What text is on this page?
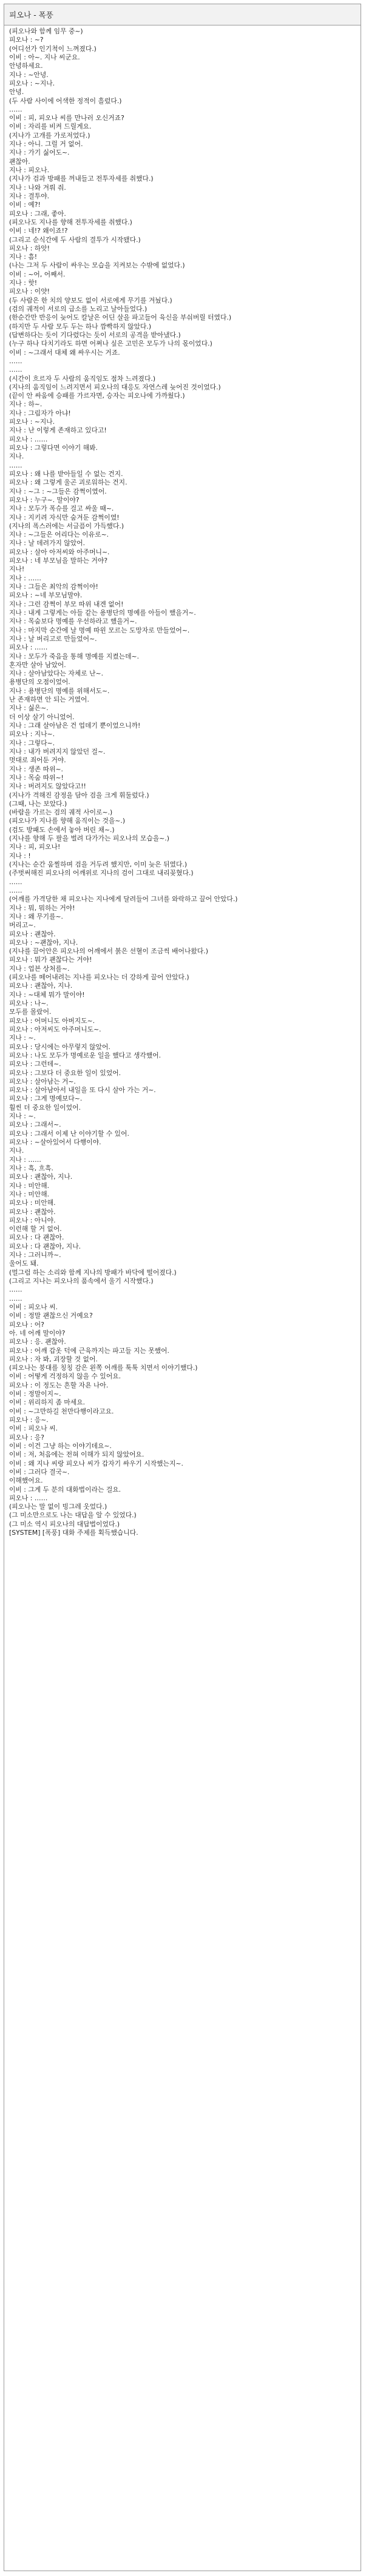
피오나 - 폭풍
(피오나와 함께 임무 중~)
피오나 : ~?
(어디선가 인기척이 느껴졌다.)
이비 : 아~. 지나 씨군요.
안녕하세요.
지나 : ~안녕.
피오나 : ~지나.
안녕.
(두 사람 사이에 어색한 정적이 흘렀다.)
……
이비 : 피, 피오나 씨를 만나러 오신거죠?
이비 : 자리를 비켜 드릴게요.
(지나가 고개를 가로저었다.)
지나 : 아니. 그럴 거 없어.
지나 : 가기 싫어도~.
괜찮아.
지나 : 피오나.
(지나가 검과 방패를 꺼내들고 전투자세를 취했다.)
지나 : 나와 겨뤄 줘.
지나 : 결투야.
이비 : 예?!
피오나 : 그래, 좋아.
(피오나도 지나를 향해 전투자세를 취했다.)
이비 : 네!? 왜이죠!?
(그리고 순식간에 두 사람의 결투가 시작됐다.)
피오나 : 하앗!
지나 : 흠!
(나는 그저 두 사람이 싸우는 모습을 지켜보는 수밖에 없었다.)
이비 : ~어, 어째서.
지나 : 핫!
피오나 : 이얏!
(두 사람은 한 치의 양보도 없이 서로에게 무기를 겨눴다.)
(검의 궤적이 서로의 급소를 노리고 날아들었다.)
(한순간만 반응이 늦어도 칼날은 어딘 살을 파고들어 육신을 부숴버릴 터였다.)
(하지만 두 사람 모두 두는 하나 깜빡하지 않았다.)
(답변하다는 듯이 기다렸다는 듯이 서로의 공격을 받아냈다.)
(누구 하나 다치기라도 하면 어쩌나 싶은 고민은 모두가 나의 몫이었다.)
이비 : ~그래서 대체 왜 싸우시는 거죠.
……
……
(시간이 흐르자 두 사람의 움직임도 점차 느려졌다.)
(지나의 움직임이 느려지면서 피오나의 대응도 자연스레 늦어진 것이었다.)
(끝이 안 싸움에 승패를 가르자면, 승자는 피오나에 가까웠다.)
지나 : 하~.
지나 : 그림자가 아냐!
피오나 : ~지나.
지나 : 난 이렇게 존재하고 있다고!
피오나 : ……
피오나 : 그렇다면 이야기 해봐.
지나.
……
피오나 : 왜 나를 받아들일 수 없는 건지.
피오나 : 왜 그렇게 울곤 괴로워하는 건지.
지나 : ~그 : ~그들은 감쩍이였어.
피오나 : 누구~. 말이야?
지나 : 모두가 폭슈를 걸고 싸울 때~.
지나 : 지키려 자식만 숨겨둔 감쩍이였!
(지나의 폭스러에는 서글픔이 가득했다.)
지나 : ~그들은 어리다는 이유로~.
지나 : 날 데려가지 않았어.
피오나 : 살아 아저씨와 아주머니~.
피오나 : 네 부모님을 말하는 거야?
지나!
지나 : ……
지나 : 그들은 최악의 감쩍이야!
피오나 : ~네 부모님말야.
지나 : 그런 감쩍이 부모 따위 내겐 없어!
지나 : 내게 그렇게는 아들 같는 용병단의 명예를 아들이 했을거~.
지나 : 목숨보다 명예를 우선하라고 했을거~.
지나 : 마지막 순간에 날 명예 따윈 모르는 도망자로 만들었어~.
지나 : 날 버리고로 만들었어~.
피오나 : ……
지나 : 모두가 죽음을 통해 명예를 지켰는데~.
혼자만 살아 남았어.
지나 : 살아남았다는 자체로 난~.
용병단의 오점이었어.
지나 : 용병단의 명예를 위해서도~.
난 존재하면 안 되는 거였어.
지나 : 싫은~.
더 이상 살기 아니었어.
지나 : 그래 살아남은 건 업데기 뿐이었으니까!
피오나 : 지나~.
지나 : 그렇다~.
지나 : 내가 버려지지 않았던 걸~.
멋대로 죄어둔 거야.
지나 : 생존 따위~.
지나 : 목숨 따위~!
지나 : 버려지도 않았다고!!
(지나가 격해진 감정을 담아 검을 크게 휘둘렀다.)
(그때, 나는 보았다.)
(바람을 가르는 검의 궤적 사이로~.)
(피오나가 지나를 향해 움직이는 것을~.)
(검도 방패도 손에서 놓아 버린 채~.)
(지나를 향해 두 팔을 벌려 다가가는 피오나의 모습을~.)
지나 : 피, 피오나!
지나 : !
(지나는 순간 움찔하며 검을 거두려 했지만, 이미 늦은 뒤였다.)
(주벗써해진 피오나의 어깨위로 지나의 검이 그대로 내리꽂혔다.)
……
……
(어깨를 가격당한 채 피오나는 지나에게 달려들어 그녀를 와락하고 끌어 안았다.)
지나 : 뭐, 뭐하는 거야!
지나 : 왜 무기를~.
버리고~.
피오나 : 괜찮아.
피오나 : ~괜찮아, 지나.
(지나를 끌어안은 피오나의 어깨에서 붉은 선혈이 조금씩 배어나왔다.)
피오나 : 뭐가 괜찮다는 거야!
지나 : 업븐 상처를~.
(피오나를 떼어내려는 지나를 피오나는 더 강하게 끌어 안았다.)
피오나 : 괜찮아, 지나.
지나 : ~대체 뭐가 말이야!
피오나 : 나~.
모두를 몰랐어.
피오나 : 어머니도 아버지도~.
피오나 : 아저씨도 아주머니도~.
지나 : ~.
피오나 : 당시에는 아무렇지 않았어.
피오나 : 나도 모두가 명예로운 일을 했다고 생각했어.
피오나 : 그런데~.
피오나 : 그보다 더 중요한 일이 있었어.
피오나 : 살아남는 거~.
피오나 : 살아남아서 내일을 또 다시 살아 가는 거~.
피오나 : 그게 명예보다~.
훨씬 더 중요한 일이었어.
지나 : ~.
피오나 : 그래서~.
피오나 : 그래서 이제 난 이야기할 수 있어.
피오나 : ~살아있어서 다행이야.
지나.
지나 : ……
지나 : 흑, 흐흑.
피오나 : 괜찮아, 지나.
지나 : 미안해.
지나 : 미안해.
피오나 : 미안해.
피오나 : 괜찮아.
피오나 : 아니야.
이런해 할 거 없어.
피오나 : 다 괜찮아.
피오나 : 다 괜찮아, 지나.
지나 : 그러니까~.
울어도 돼.
(멀그럼 하는 소리와 함께 지나의 방패가 바닥에 떨어졌다.)
(그리고 지나는 피오나의 품속에서 울기 시작했다.)
……
……
이비 : 피오나 씨.
이비 : 정말 괜찮으신 거예요?
피오나 : 어?
아. 네 어깨 말이야?
피오나 : 응. 괜찮아.
피오나 : 어깨 갑옷 덕에 근육까지는 파고들 지는 못했어.
피오나 : 자 봐, 괴장할 것 없어.
(피오나는 붕대를 칭칭 감은 왼쪽 어깨를 툭툭 치면서 이야기했다.)
이비 : 어떻게 걱정하지 않을 수 있어요.
피오나 : 이 정도는 흔할 자욘 나아.
이비 : 정말이지~.
이비 : 위리하지 좀 마세요.
이비 : ~그만하길 천만다행이라고요.
피오나 : 응~.
이비 : 피오나 씨.
피오나 : 응?
이비 : 이건 그냥 하는 이야기데요~.
이비 : 저, 처음에는 전혀 이해가 되지 않았어요.
이비 : 왜 지나 씨랑 피오나 씨가 갑자기 싸우기 시작했는지~.
이비 : 그러다 결국~.
이해했어요.
이비 : 그게 두 분의 대화법이라는 걸요.
피오나 : ……
(피오나는 말 없이 빙그레 웃었다.)
(그 미소만으로도 나는 대답을 알 수 있었다.)
(그 미소 역시 피오나의 대답법이었다.)
[SYSTEM] [폭풍] 대화 주제를 획득했습니다.
